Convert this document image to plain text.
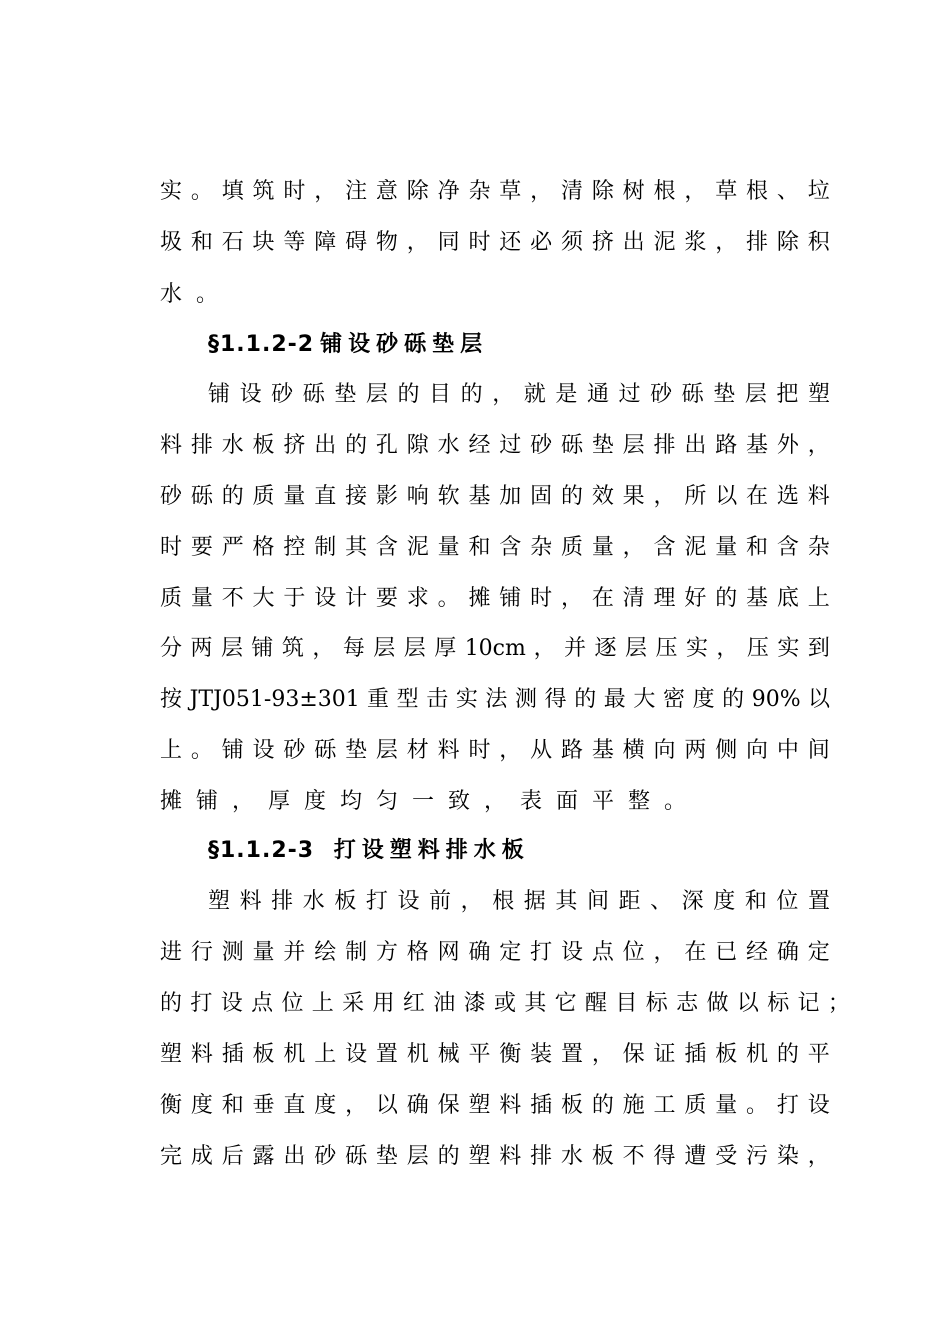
实 。 填 筑 时 ， 注 意 除 净 杂 草 ， 清 除 树 根 ， 草 根 、 垃
圾 和 石 块 等 障 碍 物 ， 同 时 还 必 须 挤 出 泥 浆 ， 排 除 积
水。
§1.1.2-2 铺设砂砾垫层
铺 设 砂 砾 垫 层 的 目 的 ， 就 是 通 过 砂 砾 垫 层 把 塑
料 排 水 板 挤 出 的 孔 隙 水 经 过 砂 砾 垫 层 排 出 路 基 外 ，
砂 砾 的 质 量 直 接 影 响 软 基 加 固 的 效 果 ， 所 以 在 选 料
时 要 严 格 控 制 其 含 泥 量 和 含 杂 质 量 ， 含 泥 量 和 含 杂
质 量 不 大 于 设 计 要 求 。 摊 铺 时 ， 在 清 理 好 的 基 底 上
分 两 层 铺 筑 ， 每 层 层 厚 10cm ， 并 逐 层 压 实 ， 压 实 到
按 JTJ051-93±301 重 型 击 实 法 测 得 的 最 大 密 度 的 90% 以
上 。 铺 设 砂 砾 垫 层 材 料 时 ， 从 路 基 横 向 两 侧 向 中 间
摊铺，厚度均匀一致，表面平整。
§1.1.2-3 打设塑料排水板
塑 料 排 水 板 打 设 前 ， 根 据 其 间 距 、 深 度 和 位 置
进 行 测 量 并 绘 制 方 格 网 确 定 打 设 点 位 ， 在 已 经 确 定
的 打 设 点 位 上 采 用 红 油 漆 或 其 它 醒 目 标 志 做 以 标 记 ；
塑 料 插 板 机 上 设 置 机 械 平 衡 装 置 ， 保 证 插 板 机 的 平
衡 度 和 垂 直 度 ， 以 确 保 塑 料 插 板 的 施 工 质 量 。 打 设
完 成 后 露 出 砂 砾 垫 层 的 塑 料 排 水 板 不 得 遭 受 污 染 ，
